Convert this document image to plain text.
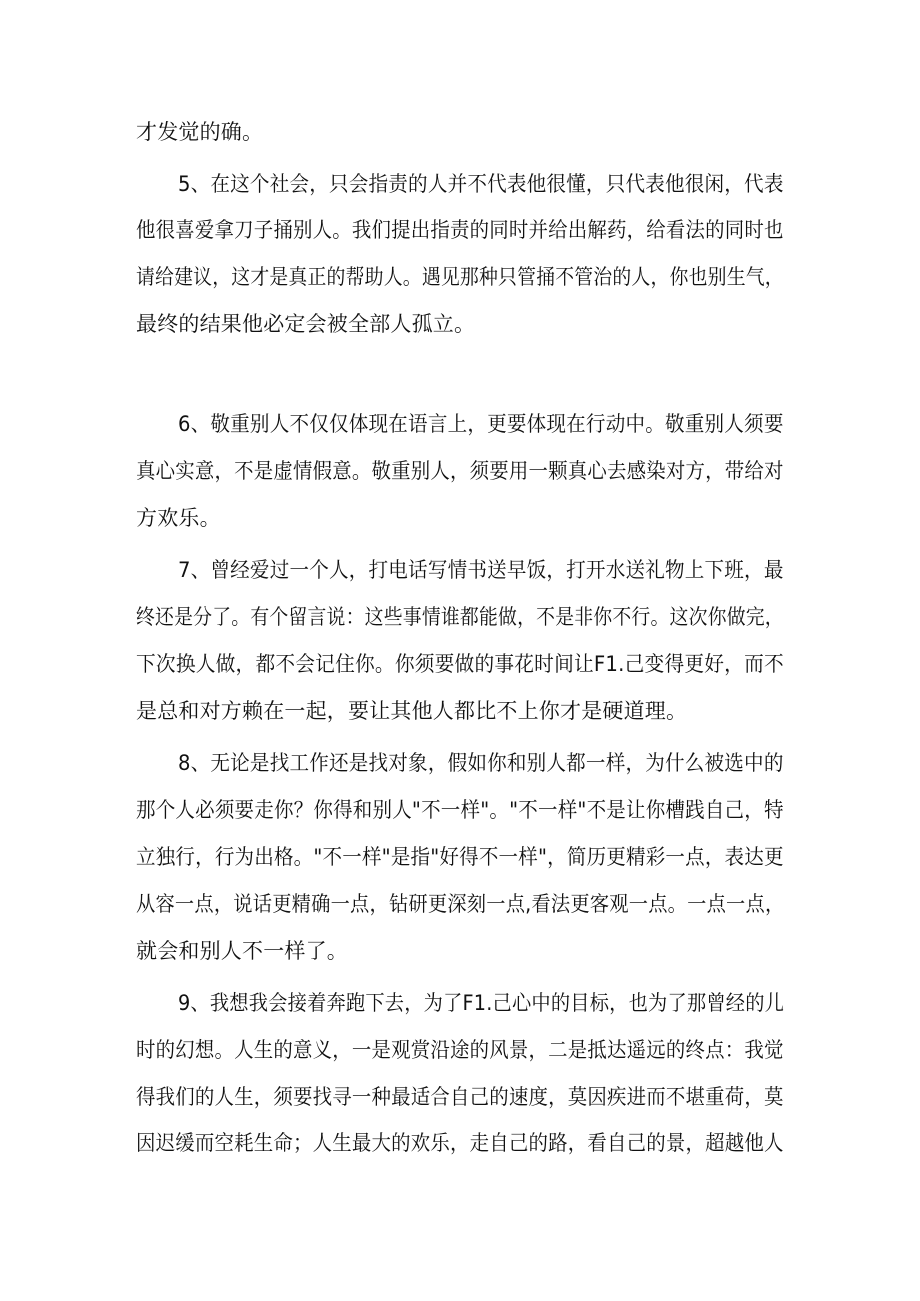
才发觉的确。
5、在这个社会，只会指责的人并不代表他很懂，只代表他很闲，代表
他很喜爱拿刀子捅别人。我们提出指责的同时并给出解药，给看法的同时也
请给建议，这才是真正的帮助人。遇见那种只管捅不管治的人，你也别生气，
最终的结果他必定会被全部人孤立。
6、敬重别人不仅仅体现在语言上，更要体现在行动中。敬重别人须要
真心实意，不是虚情假意。敬重别人，须要用一颗真心去感染对方，带给对
方欢乐。
7、曾经爱过一个人，打电话写情书送早饭，打开水送礼物上下班，最
终还是分了。有个留言说：这些事情谁都能做，不是非你不行。这次你做完，
下次换人做，都不会记住你。你须要做的事花时间让F1.己变得更好，而不
是总和对方赖在一起，要让其他人都比不上你才是硬道理。
8、无论是找工作还是找对象，假如你和别人都一样，为什么被选中的
那个人必须要走你？你得和别人"不一样"。"不一样"不是让你槽践自己，特
立独行，行为出格。"不一样"是指"好得不一样"，简历更精彩一点，表达更
从容一点，说话更精确一点，钻研更深刻一点,看法更客观一点。一点一点，
就会和别人不一样了。
9、我想我会接着奔跑下去，为了F1.己心中的目标，也为了那曾经的儿
时的幻想。人生的意义，一是观赏沿途的风景，二是抵达遥远的终点：我觉
得我们的人生，须要找寻一种最适合自己的速度，莫因疾进而不堪重荷，莫
因迟缓而空耗生命；人生最大的欢乐，走自己的路，看自己的景，超越他人
